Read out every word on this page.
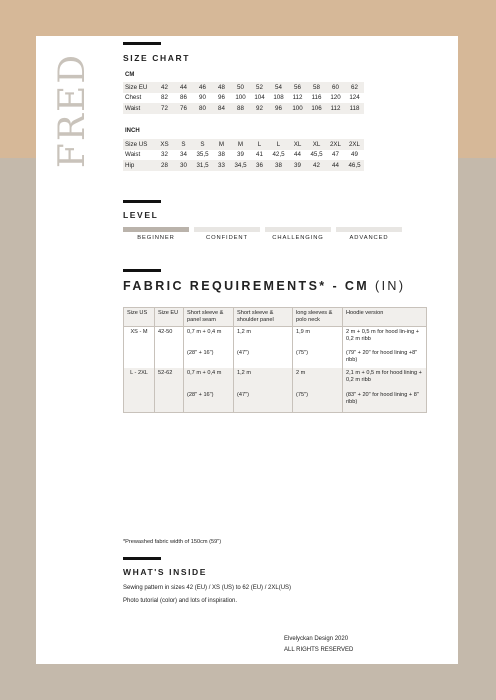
FRED	SIZE CHART
CM
Size EU	42	44	46	48	50	52	54	56	58	60	62
Chest	82	86	90	96	100	104	108	112	116	120	124
Waist	72	76	80	84	88	92	96	100	106	112	118
INCH
Size US	XS	S	S	M	M	L	L	XL	XL	2XL	2XL
Waist	32	34	35,5	38	39	41	42,5	44	45,5	47	49
Hip	28	30	31,5	33	34,5	36	38	39	42	44	46,5
LEVEL
BEGINNER	CONFIDENT	CHALLENGING	ADVANCED
FABRIC REQUIREMENTS* - CM (IN)
Size US	Size EU	Short sleeve & panel seam	Short sleeve & shoulder panel	long sleeves & polo neck	Hoodie version
XS - M	42-50	0,7 m + 0,4 m	1,2 m	1,9 m	2 m + 0,5 m for hood lin-ing + 0,2 m ribb
		(28" + 16")	(47")	(75")	(79" + 20" for hood lining +8" ribb)
L - 2XL	52-62	0,7 m + 0,4 m	1,2 m	2 m	2,1 m + 0,5 m for hood lining + 0,2 m ribb
		(28" + 16")	(47")	(75")	(83" + 20" for hood lining + 8" ribb)
*Prewashed fabric width of 150cm (59")
WHAT'S INSIDE
Sewing pattern in sizes 42 (EU) / XS (US) to 62 (EU) / 2XL(US)
Photo tutorial (color) and lots of inspiration.
Elvelyckan Design 2020
ALL RIGHTS RESERVED
